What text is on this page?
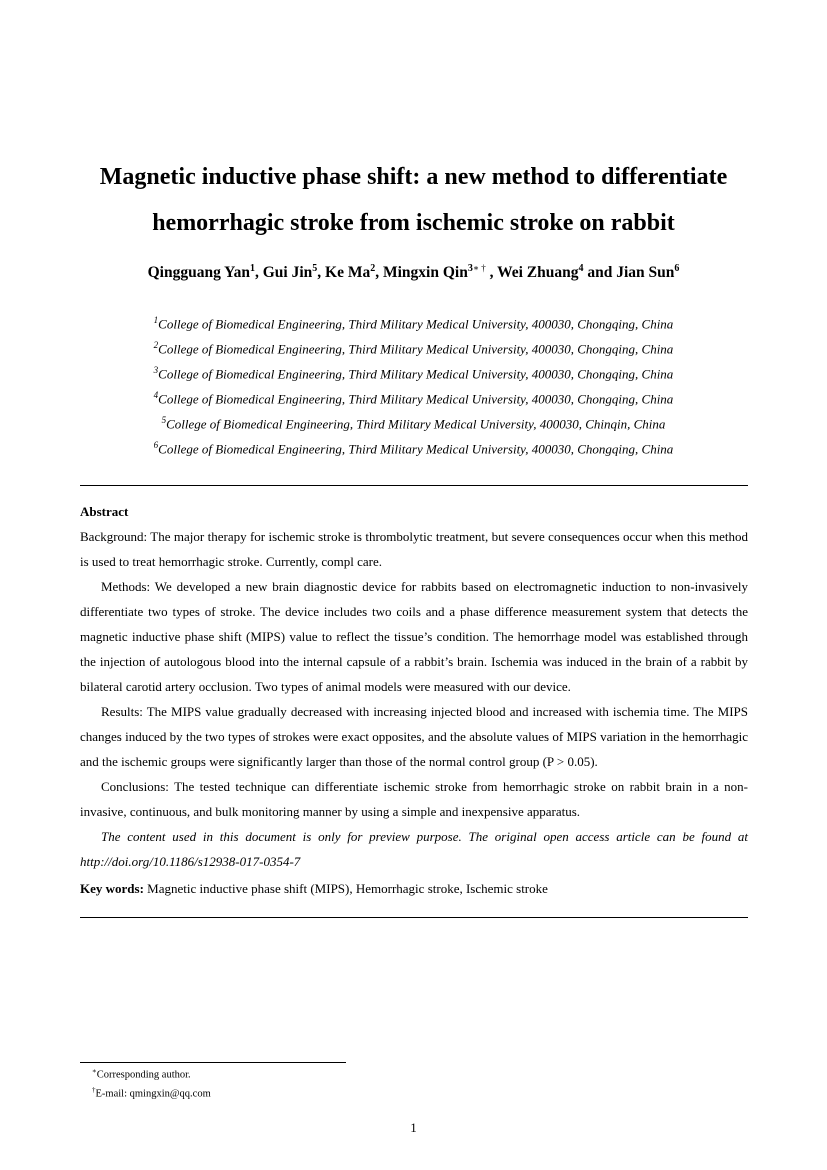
Magnetic inductive phase shift: a new method to differentiate
hemorrhagic stroke from ischemic stroke on rabbit
Qingguang Yan$^1$, Gui Jin$^5$, Ke Ma$^2$, Mingxin Qin$^{3∗ \dagger}$ , Wei Zhuang$^4$ and Jian Sun$^6$
$^1$College of Biomedical Engineering, Third Military Medical University, 400030, Chongqing, China
$^2$College of Biomedical Engineering, Third Military Medical University, 400030, Chongqing, China
$^3$College of Biomedical Engineering, Third Military Medical University, 400030, Chongqing, China
$^4$College of Biomedical Engineering, Third Military Medical University, 400030, Chongqing, China
$^5$College of Biomedical Engineering, Third Military Medical University, 400030, Chinqin, China
$^6$College of Biomedical Engineering, Third Military Medical University, 400030, Chongqing, China

Abstract

Background: The major therapy for ischemic stroke is thrombolytic treatment, but severe consequences occur when this method is used to treat hemorrhagic stroke. Currently, compl care.

Methods: We developed a new brain diagnostic device for rabbits based on electromagnetic induction to non-invasively differentiate two types of stroke. The device includes two coils and a phase difference measurement system that detects the magnetic inductive phase shift (MIPS) value to reflect the tissue’s condition. The hemorrhage model was established through the injection of autologous blood into the internal capsule of a rabbit’s brain. Ischemia was induced in the brain of a rabbit by bilateral carotid artery occlusion. Two types of animal models were measured with our device.

Results: The MIPS value gradually decreased with increasing injected blood and increased with ischemia time. The MIPS changes induced by the two types of strokes were exact opposites, and the absolute values of MIPS variation in the hemorrhagic and the ischemic groups were significantly larger than those of the normal control group (P > 0.05).

Conclusions: The tested technique can differentiate ischemic stroke from hemorrhagic stroke on rabbit brain in a non-invasive, continuous, and bulk monitoring manner by using a simple and inexpensive apparatus.

The content used in this document is only for preview purpose. The original open access article can be found at http://doi.org/10.1186/s12938-017-0354-7

Key words: Magnetic inductive phase shift (MIPS), Hemorrhagic stroke, Ischemic stroke

∗Corresponding author.
†E-mail: qmingxin@qq.com
1
